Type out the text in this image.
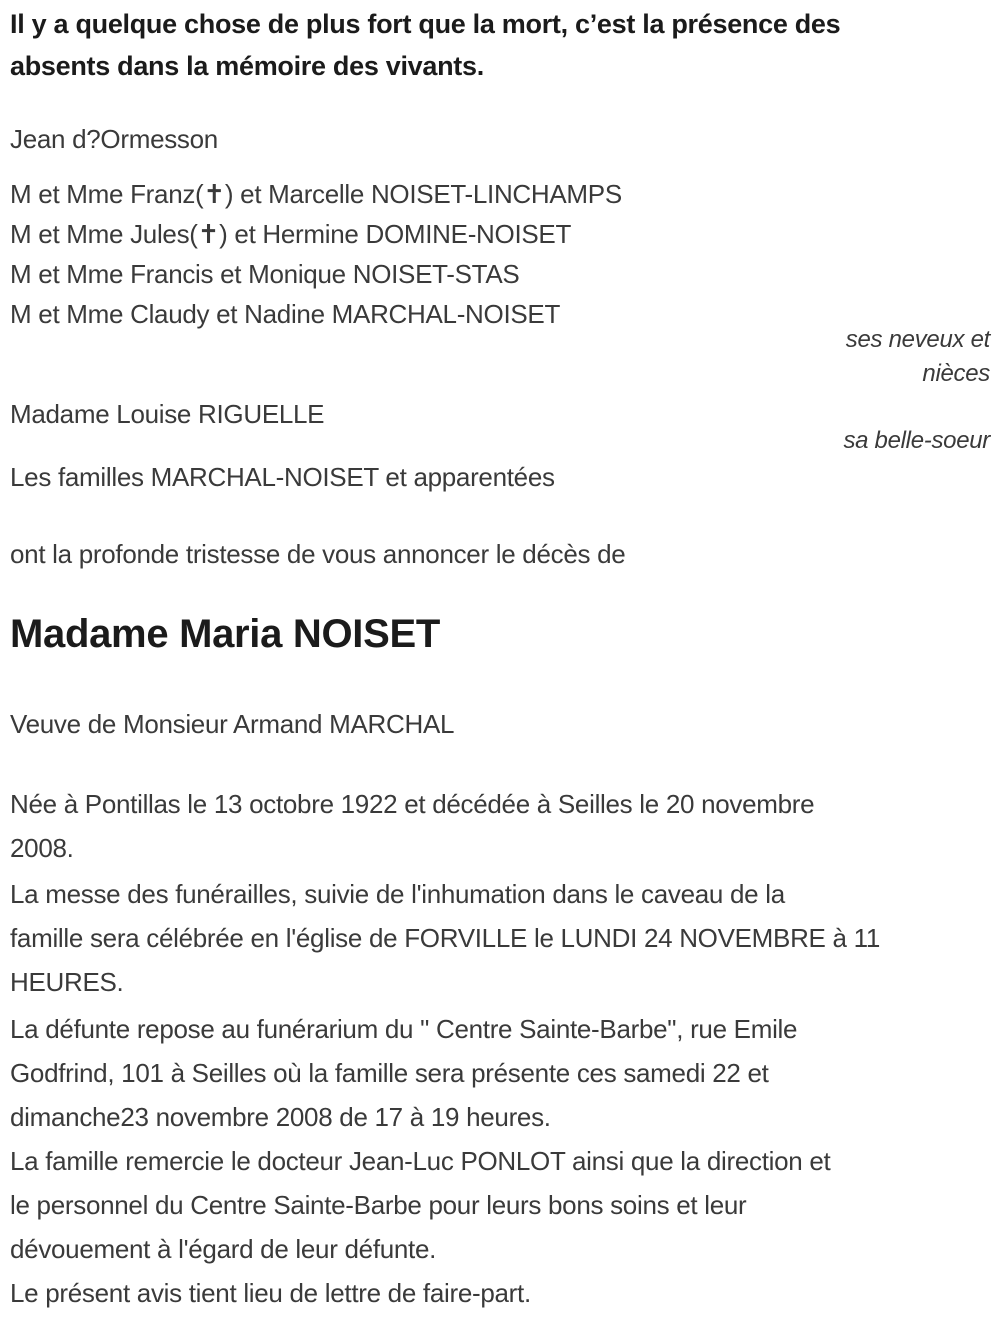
Il y a quelque chose de plus fort que la mort, c’est la présence des
absents dans la mémoire des vivants.
Jean d?Ormesson
M et Mme Franz(✝) et Marcelle NOISET-LINCHAMPS
M et Mme Jules(✝) et Hermine DOMINE-NOISET
M et Mme Francis et Monique NOISET-STAS
M et Mme Claudy et Nadine MARCHAL-NOISET
ses neveux et
nièces
Madame Louise RIGUELLE
sa belle-soeur
Les familles MARCHAL-NOISET et apparentées
ont la profonde tristesse de vous annoncer le décès de
Madame Maria NOISET
Veuve de Monsieur Armand MARCHAL
Née à Pontillas le 13 octobre 1922 et décédée à Seilles le 20 novembre
2008.
La messe des funérailles, suivie de l'inhumation dans le caveau de la
famille sera célébrée en l'église de FORVILLE le LUNDI 24 NOVEMBRE à 11
HEURES.
La défunte repose au funérarium du " Centre Sainte-Barbe", rue Emile
Godfrind, 101 à Seilles où la famille sera présente ces samedi 22 et
dimanche23 novembre 2008 de 17 à 19 heures.
La famille remercie le docteur Jean-Luc PONLOT ainsi que la direction et
le personnel du Centre Sainte-Barbe pour leurs bons soins et leur
dévouement à l'égard de leur défunte.
Le présent avis tient lieu de lettre de faire-part.
